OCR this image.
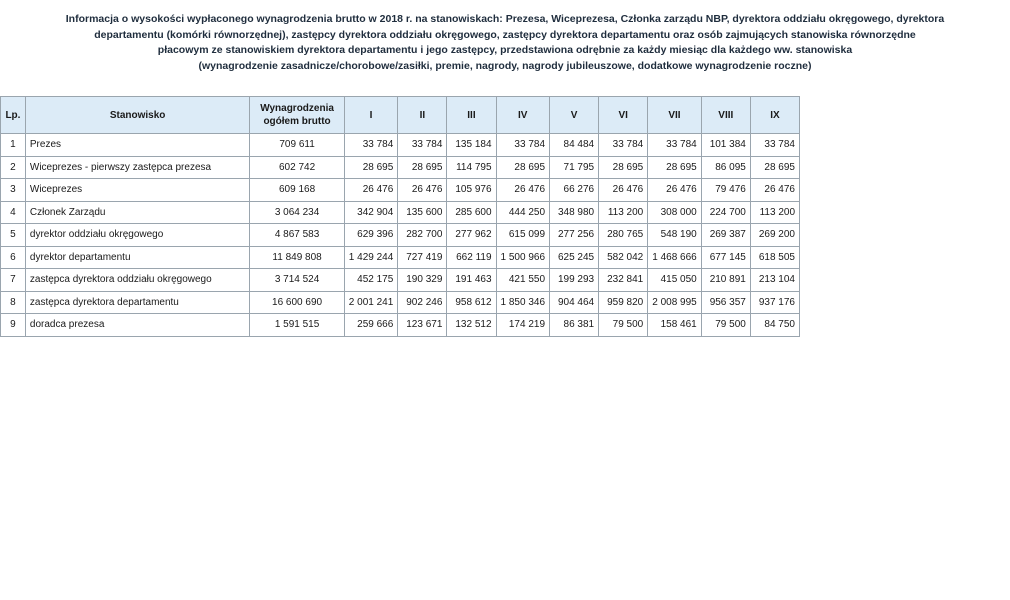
Informacja o wysokości wypłaconego wynagrodzenia brutto w 2018 r. na stanowiskach: Prezesa, Wiceprezesa, Członka zarządu NBP, dyrektora oddziału okręgowego, dyrektora
departamentu (komórki równorzędnej), zastępcy dyrektora oddziału okręgowego, zastępcy dyrektora departamentu oraz osób zajmujących stanowiska równorzędne
płacowym ze stanowiskiem dyrektora departamentu i jego zastępcy, przedstawiona odrębnie za każdy miesiąc dla każdego ww. stanowiska
(wynagrodzenie zasadnicze/chorobowe/zasiłki, premie, nagrody, nagrody jubileuszowe, dodatkowe wynagrodzenie roczne)
Lp.	Stanowisko	Wynagrodzenia
ogółem brutto	I	II	III	IV	V	VI	VII	VIII	IX
1	Prezes	709 611	33 784	33 784	135 184	33 784	84 484	33 784	33 784	101 384	33 784
2	Wiceprezes - pierwszy zastępca prezesa	602 742	28 695	28 695	114 795	28 695	71 795	28 695	28 695	86 095	28 695
3	Wiceprezes	609 168	26 476	26 476	105 976	26 476	66 276	26 476	26 476	79 476	26 476
4	Członek Zarządu	3 064 234	342 904	135 600	285 600	444 250	348 980	113 200	308 000	224 700	113 200
5	dyrektor oddziału okręgowego	4 867 583	629 396	282 700	277 962	615 099	277 256	280 765	548 190	269 387	269 200
6	dyrektor departamentu	11 849 808	1 429 244	727 419	662 119	1 500 966	625 245	582 042	1 468 666	677 145	618 505
7	zastępca dyrektora oddziału okręgowego	3 714 524	452 175	190 329	191 463	421 550	199 293	232 841	415 050	210 891	213 104
8	zastępca dyrektora departamentu	16 600 690	2 001 241	902 246	958 612	1 850 346	904 464	959 820	2 008 995	956 357	937 176
9	doradca prezesa	1 591 515	259 666	123 671	132 512	174 219	86 381	79 500	158 461	79 500	84 750
